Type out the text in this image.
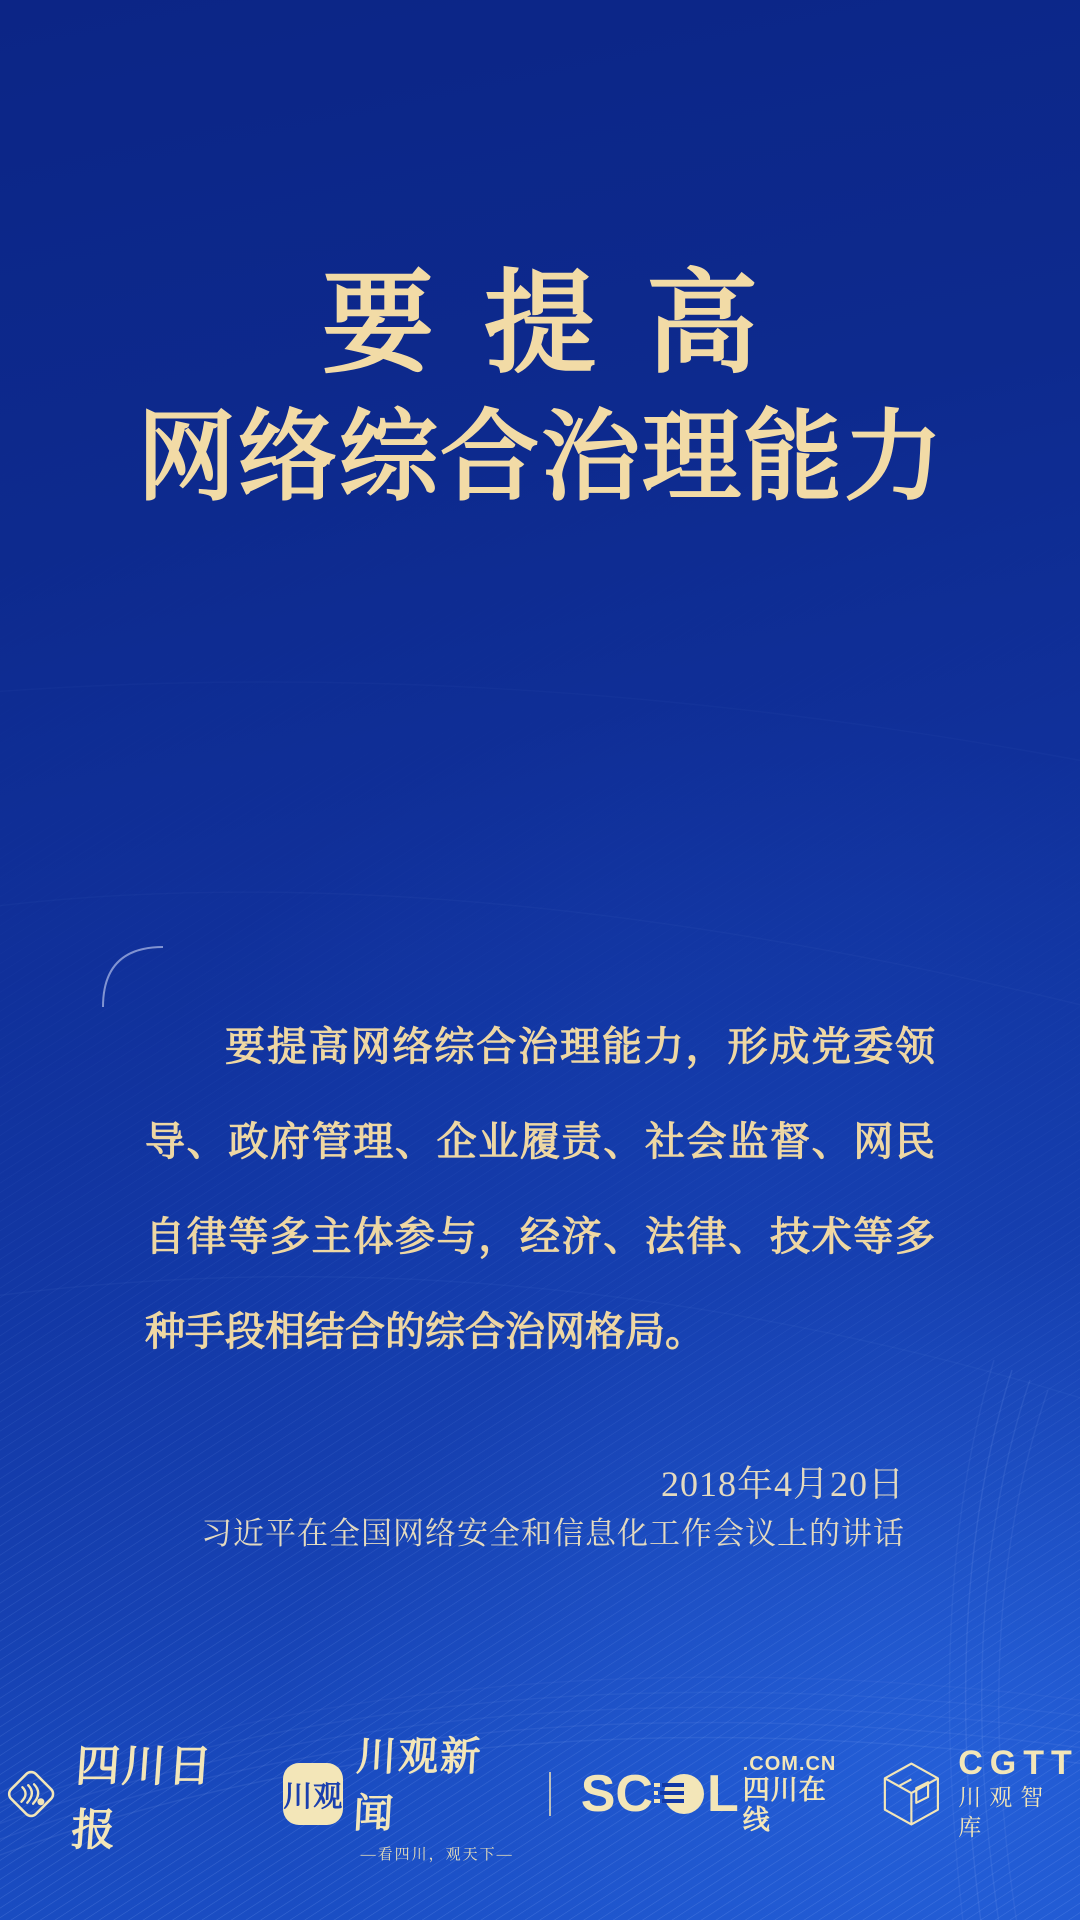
要提高
网络综合治理能力
要提高网络综合治理能力，形成党委领
导、政府管理、企业履责、社会监督、网民
自律等多主体参与，经济、法律、技术等多
种手段相结合的综合治网格局。
2018年4月20日
习近平在全国网络安全和信息化工作会议上的讲话
四川日报
川观
川观新闻
—看四川，观天下—
SC L
.COM.CN
四川在线
CGTT
川观智库
